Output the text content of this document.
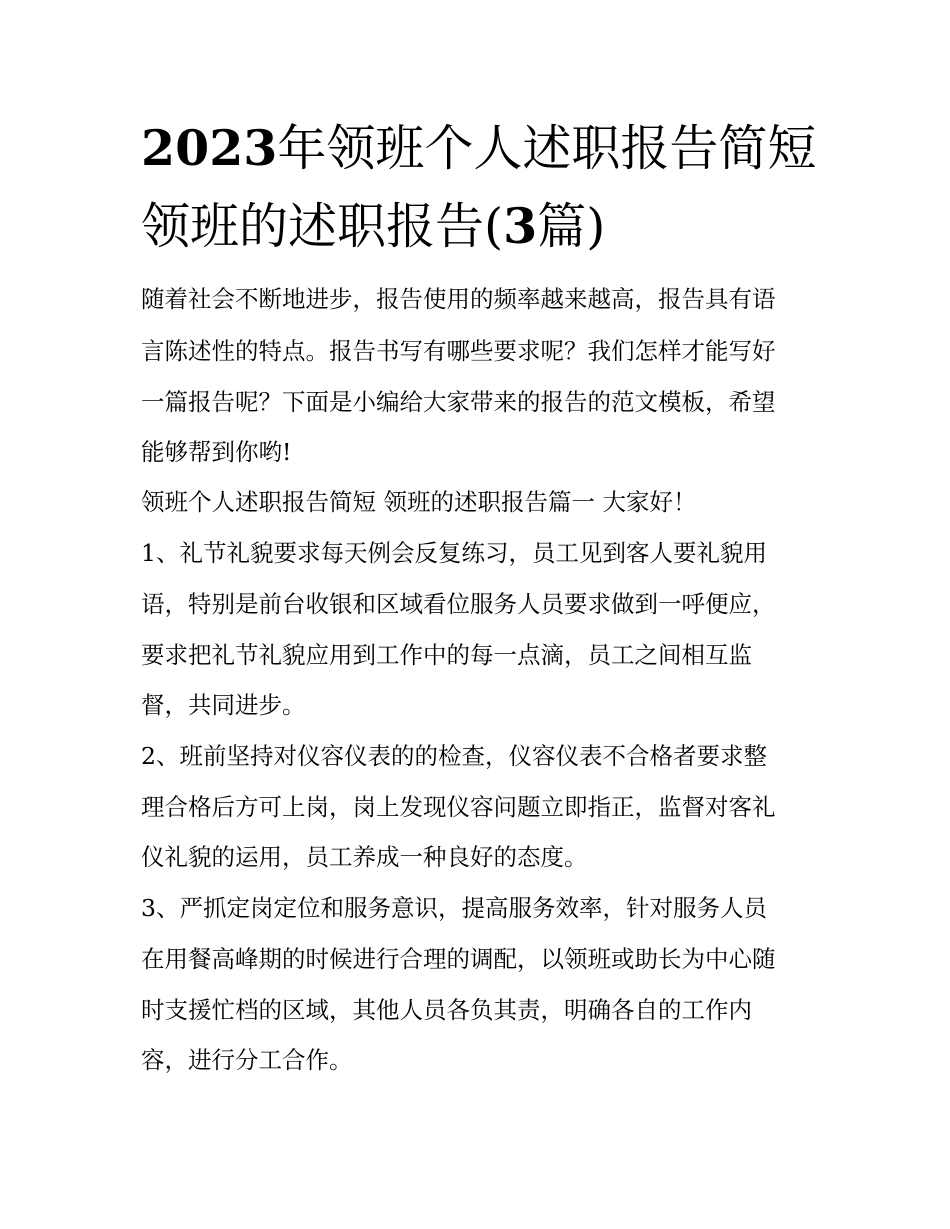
2023年领班个人述职报告简短
领班的述职报告(3篇)

随着社会不断地进步，报告使用的频率越来越高，报告具有语

言陈述性的特点。报告书写有哪些要求呢？我们怎样才能写好

一篇报告呢？下面是小编给大家带来的报告的范文模板，希望

能够帮到你哟!

领班个人述职报告简短 领班的述职报告篇一 大家好！

1、礼节礼貌要求每天例会反复练习，员工见到客人要礼貌用

语，特别是前台收银和区域看位服务人员要求做到一呼便应，

要求把礼节礼貌应用到工作中的每一点滴，员工之间相互监

督，共同进步。

2、班前坚持对仪容仪表的的检查，仪容仪表不合格者要求整

理合格后方可上岗，岗上发现仪容问题立即指正，监督对客礼

仪礼貌的运用，员工养成一种良好的态度。

3、严抓定岗定位和服务意识，提高服务效率，针对服务人员

在用餐高峰期的时候进行合理的调配，以领班或助长为中心随

时支援忙档的区域，其他人员各负其责，明确各自的工作内

容，进行分工合作。
